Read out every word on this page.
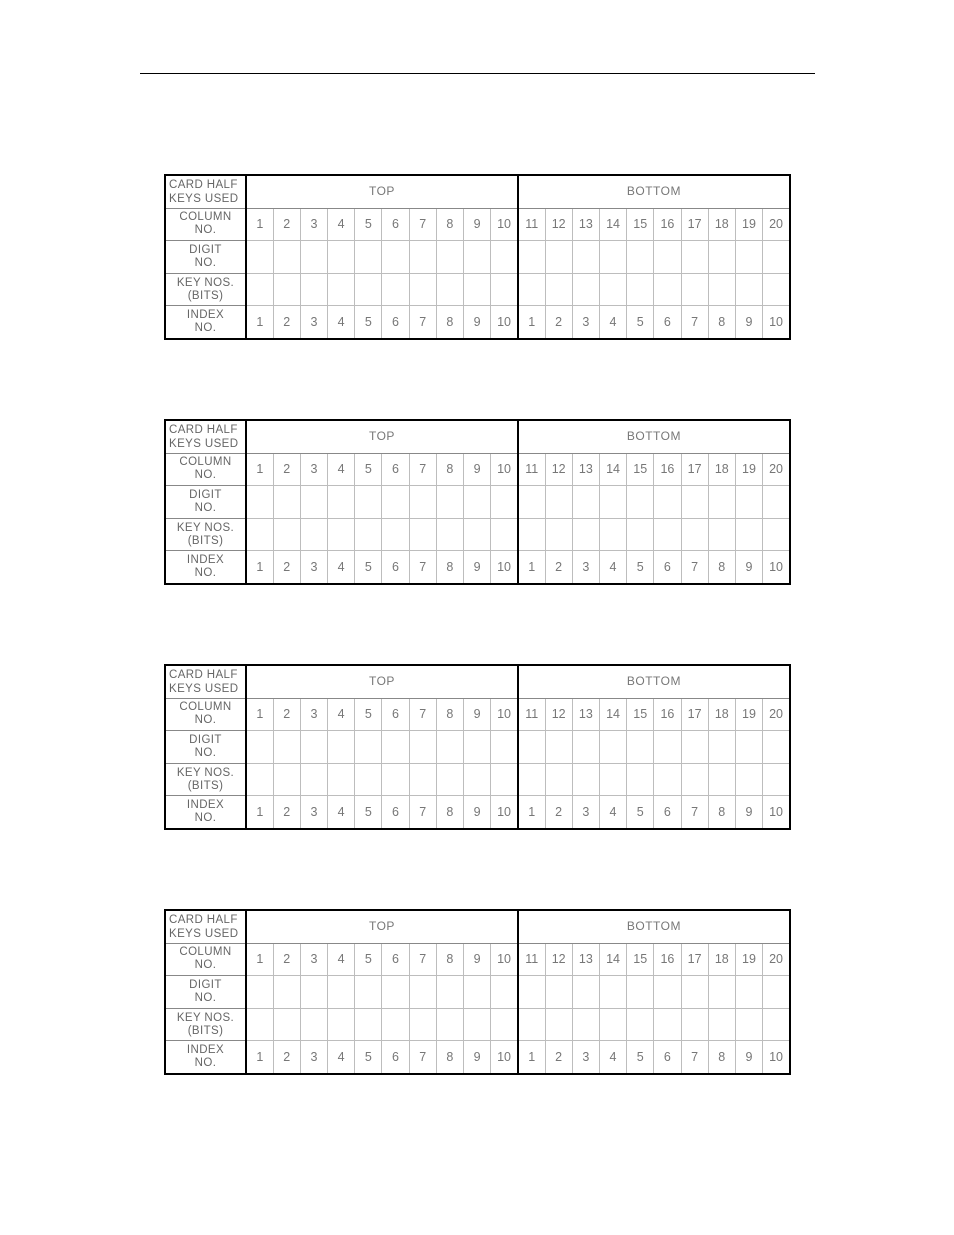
CARD HALF
KEYS USED	TOP										BOTTOM									

COLUMN
NO.	1	2	3	4	5	6	7	8	9	10	11	12	13	14	15	16	17	18	19	20

DIGIT
NO.																				

KEY NOS.
(BITS)																				

INDEX
NO.	1	2	3	4	5	6	7	8	9	10	1	2	3	4	5	6	7	8	9	10
CARD HALF
KEYS USED	TOP										BOTTOM									

COLUMN
NO.	1	2	3	4	5	6	7	8	9	10	11	12	13	14	15	16	17	18	19	20

DIGIT
NO.																				

KEY NOS.
(BITS)																				

INDEX
NO.	1	2	3	4	5	6	7	8	9	10	1	2	3	4	5	6	7	8	9	10
CARD HALF
KEYS USED	TOP										BOTTOM									

COLUMN
NO.	1	2	3	4	5	6	7	8	9	10	11	12	13	14	15	16	17	18	19	20

DIGIT
NO.																				

KEY NOS.
(BITS)																				

INDEX
NO.	1	2	3	4	5	6	7	8	9	10	1	2	3	4	5	6	7	8	9	10
CARD HALF
KEYS USED	TOP										BOTTOM									

COLUMN
NO.	1	2	3	4	5	6	7	8	9	10	11	12	13	14	15	16	17	18	19	20

DIGIT
NO.																				

KEY NOS.
(BITS)																				

INDEX
NO.	1	2	3	4	5	6	7	8	9	10	1	2	3	4	5	6	7	8	9	10
